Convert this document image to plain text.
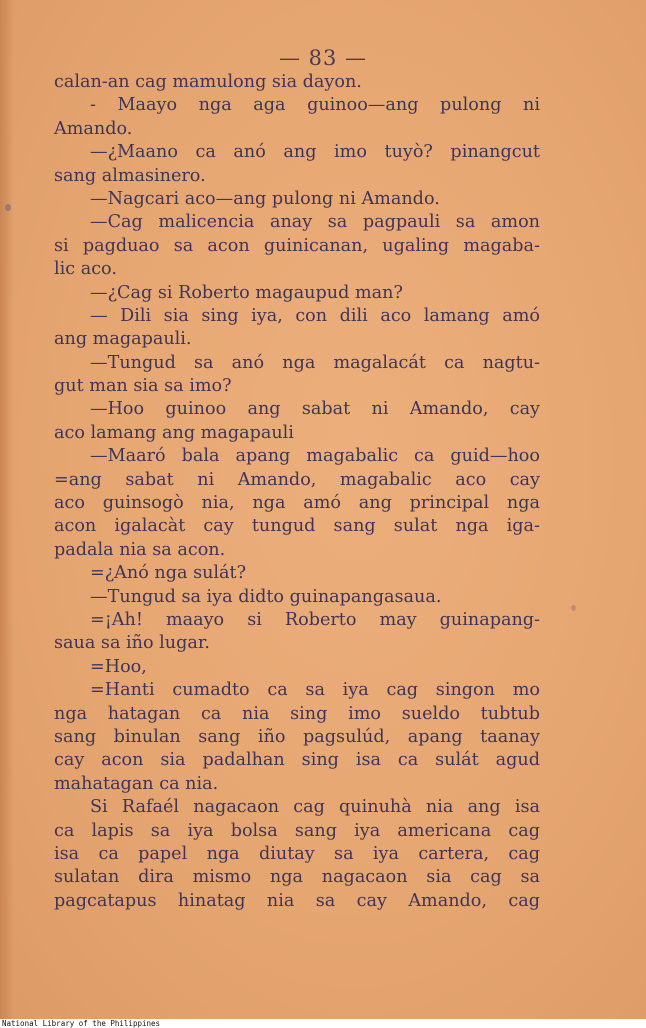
— 83 —
calan-an cag mamulong sia dayon.
- Maayo nga aga guinoo—ang pulong ni
Amando.
—¿Maano ca anó ang imo tuyò? pinangcut
sang almasinero.
—Nagcari aco—ang pulong ni Amando.
—Cag malicencia anay sa pagpauli sa amon
si pagduao sa acon guinicanan, ugaling magaba-
lic aco.
—¿Cag si Roberto magaupud man?
— Dili sia sing iya, con dili aco lamang amó
ang magapauli.
—Tungud sa anó nga magalacát ca nagtu-
gut man sia sa imo?
—Hoo guinoo ang sabat ni Amando, cay
aco lamang ang magapauli
—Maaró bala apang magabalic ca guid—hoo
=ang sabat ni Amando, magabalic aco cay
aco guinsogò nia, nga amó ang principal nga
acon igalacàt cay tungud sang sulat nga iga-
padala nia sa acon.
=¿Anó nga sulát?
—Tungud sa iya didto guinapangasaua.
=¡Ah! maayo si Roberto may guinapang-
saua sa iño lugar.
=Hoo,
=Hanti cumadto ca sa iya cag singon mo
nga hatagan ca nia sing imo sueldo tubtub
sang binulan sang iño pagsulúd, apang taanay
cay acon sia padalhan sing isa ca sulát agud
mahatagan ca nia.
Si Rafaél nagacaon cag quinuhà nia ang isa
ca lapis sa iya bolsa sang iya americana cag
isa ca papel nga diutay sa iya cartera, cag
sulatan dira mismo nga nagacaon sia cag sa
pagcatapus hinatag nia sa cay Amando, cag
National Library of the Philippines
